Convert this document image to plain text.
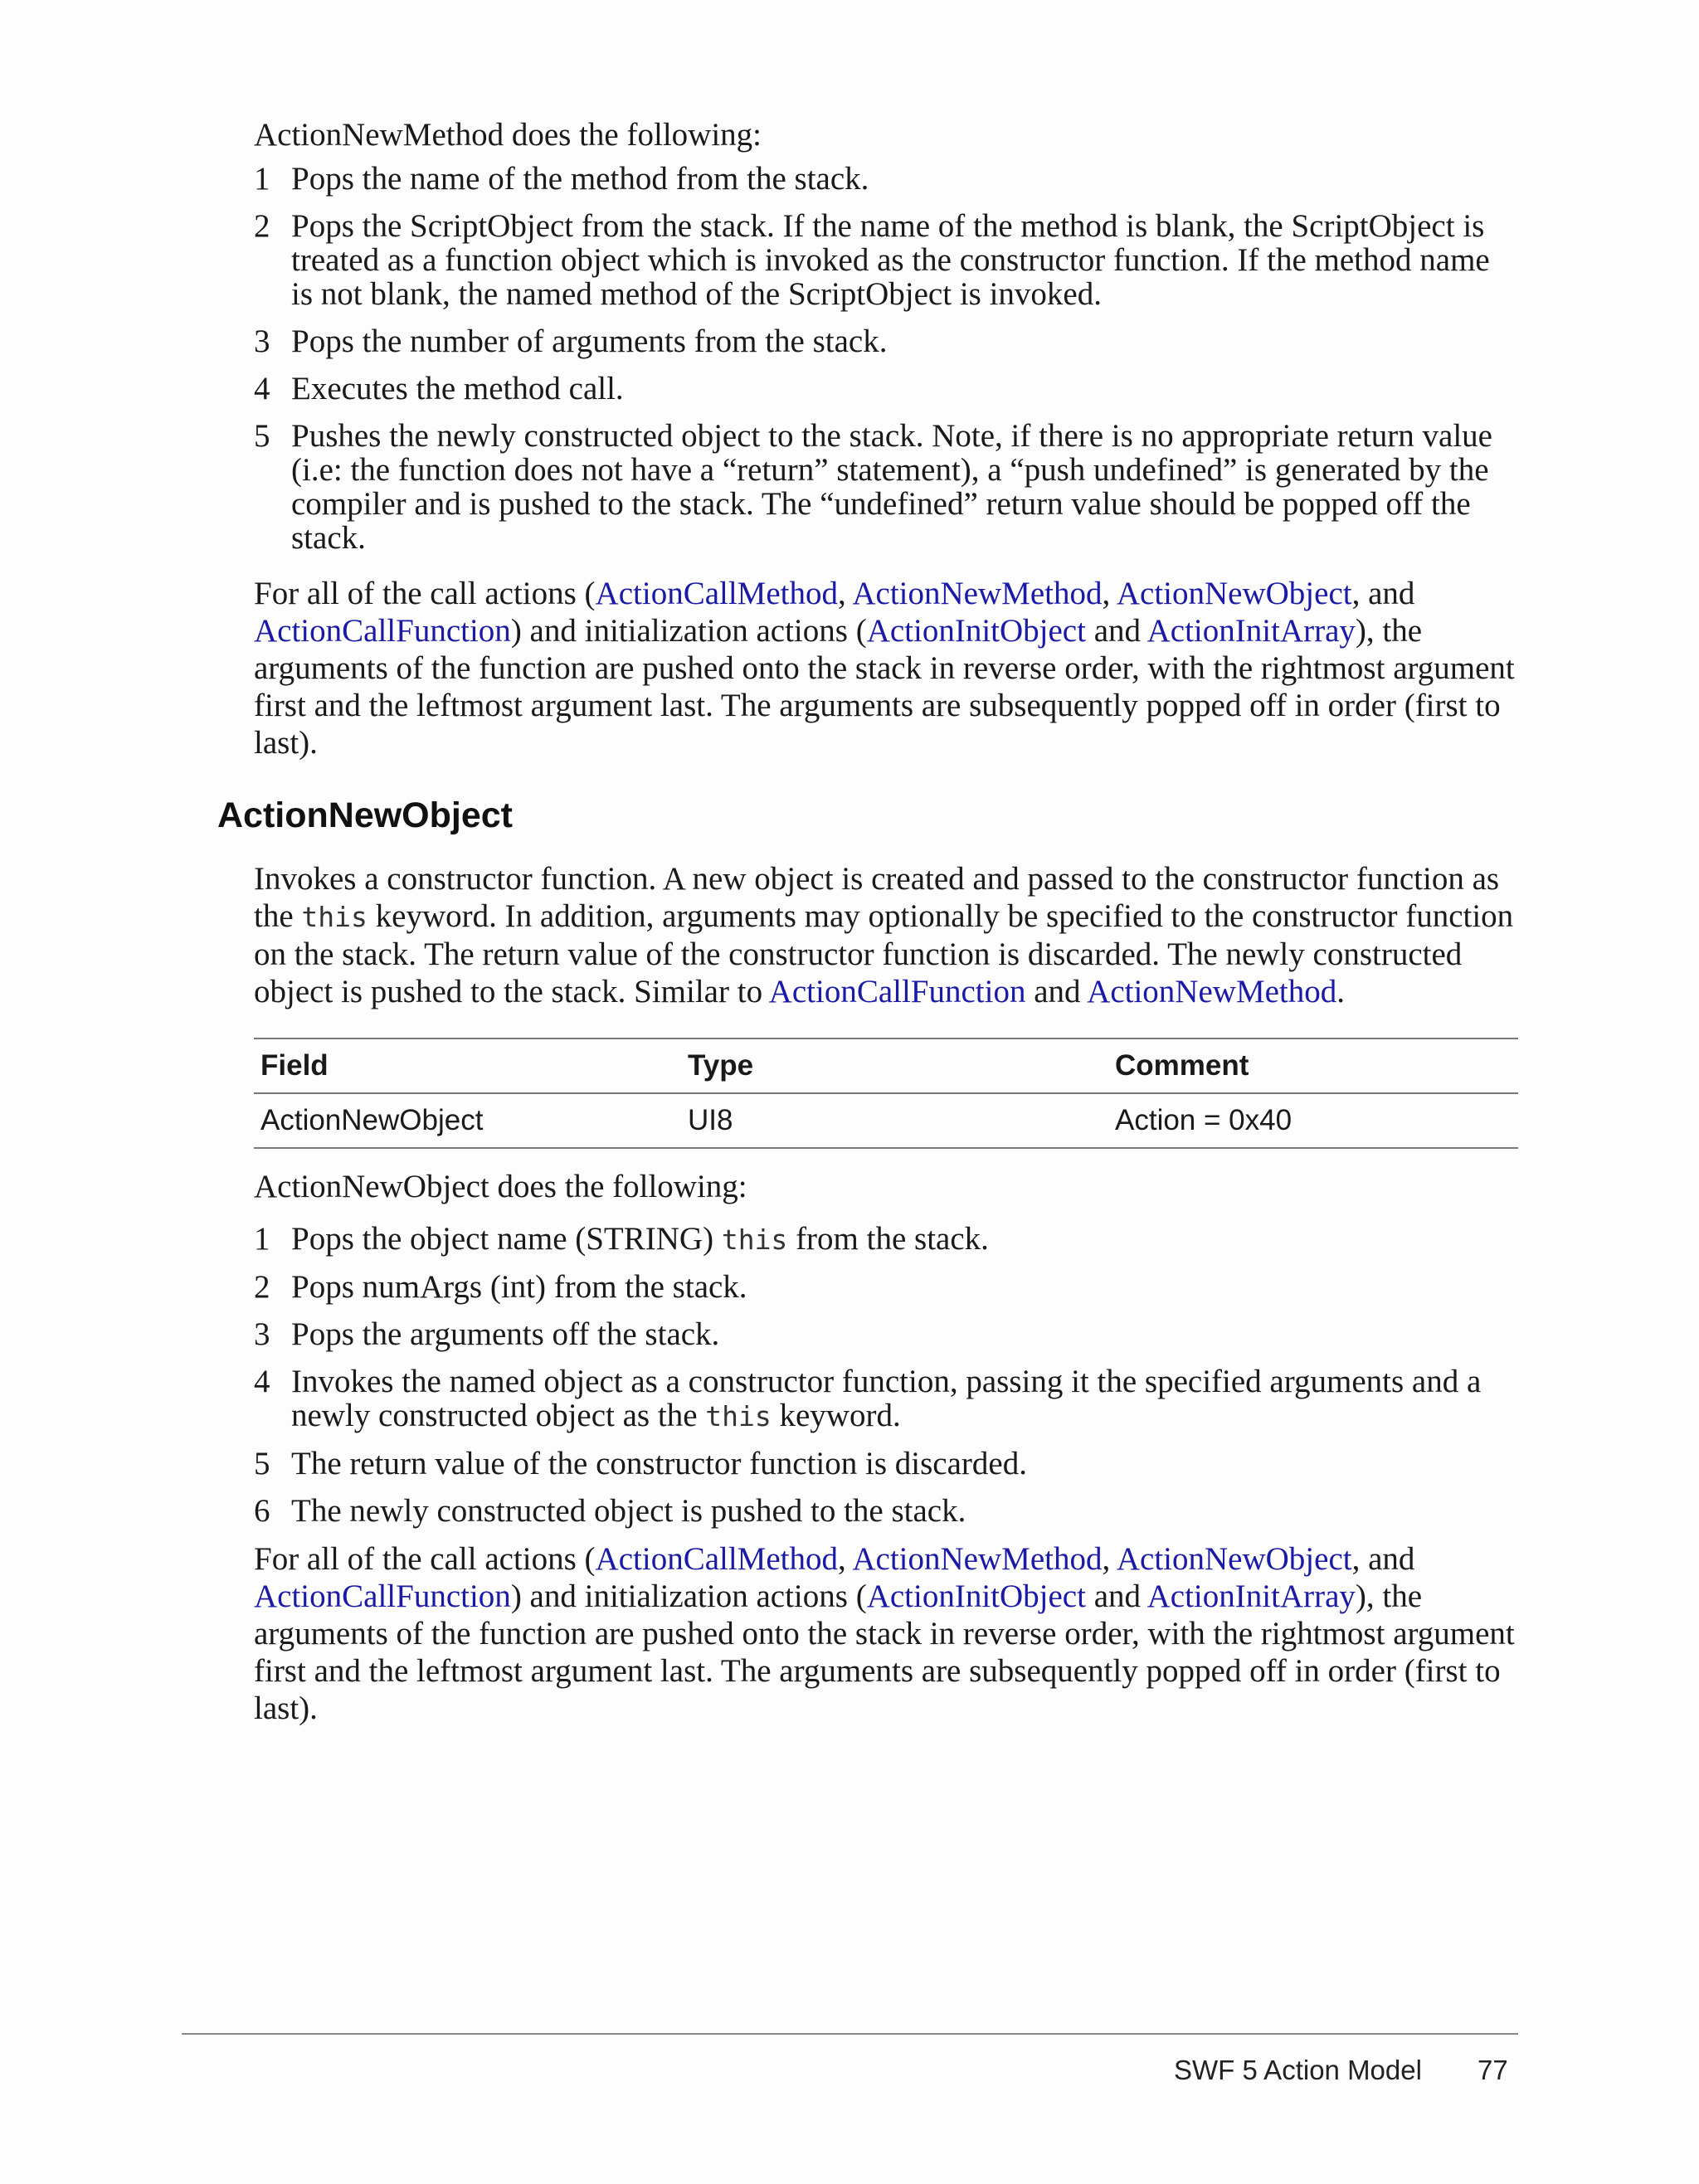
ActionNewMethod does the following:

1 Pops the name of the method from the stack.
2 Pops the ScriptObject from the stack. If the name of the method is blank, the ScriptObject is treated as a function object which is invoked as the constructor function. If the method name is not blank, the named method of the ScriptObject is invoked.
3 Pops the number of arguments from the stack.
4 Executes the method call.
5 Pushes the newly constructed object to the stack. Note, if there is no appropriate return value (i.e: the function does not have a “return” statement), a “push undefined” is generated by the compiler and is pushed to the stack. The “undefined” return value should be popped off the stack.

For all of the call actions (ActionCallMethod, ActionNewMethod, ActionNewObject, and ActionCallFunction) and initialization actions (ActionInitObject and ActionInitArray), the arguments of the function are pushed onto the stack in reverse order, with the rightmost argument first and the leftmost argument last. The arguments are subsequently popped off in order (first to last).

ActionNewObject

Invokes a constructor function. A new object is created and passed to the constructor function as the this keyword. In addition, arguments may optionally be specified to the constructor function on the stack. The return value of the constructor function is discarded. The newly constructed object is pushed to the stack. Similar to ActionCallFunction and ActionNewMethod.

Field	Type	Comment
ActionNewObject	UI8	Action = 0x40

ActionNewObject does the following:

1 Pops the object name (STRING) this from the stack.
2 Pops numArgs (int) from the stack.
3 Pops the arguments off the stack.
4 Invokes the named object as a constructor function, passing it the specified arguments and a newly constructed object as the this keyword.
5 The return value of the constructor function is discarded.
6 The newly constructed object is pushed to the stack.

For all of the call actions (ActionCallMethod, ActionNewMethod, ActionNewObject, and ActionCallFunction) and initialization actions (ActionInitObject and ActionInitArray), the arguments of the function are pushed onto the stack in reverse order, with the rightmost argument first and the leftmost argument last. The arguments are subsequently popped off in order (first to last).

SWF 5 Action Model 77
